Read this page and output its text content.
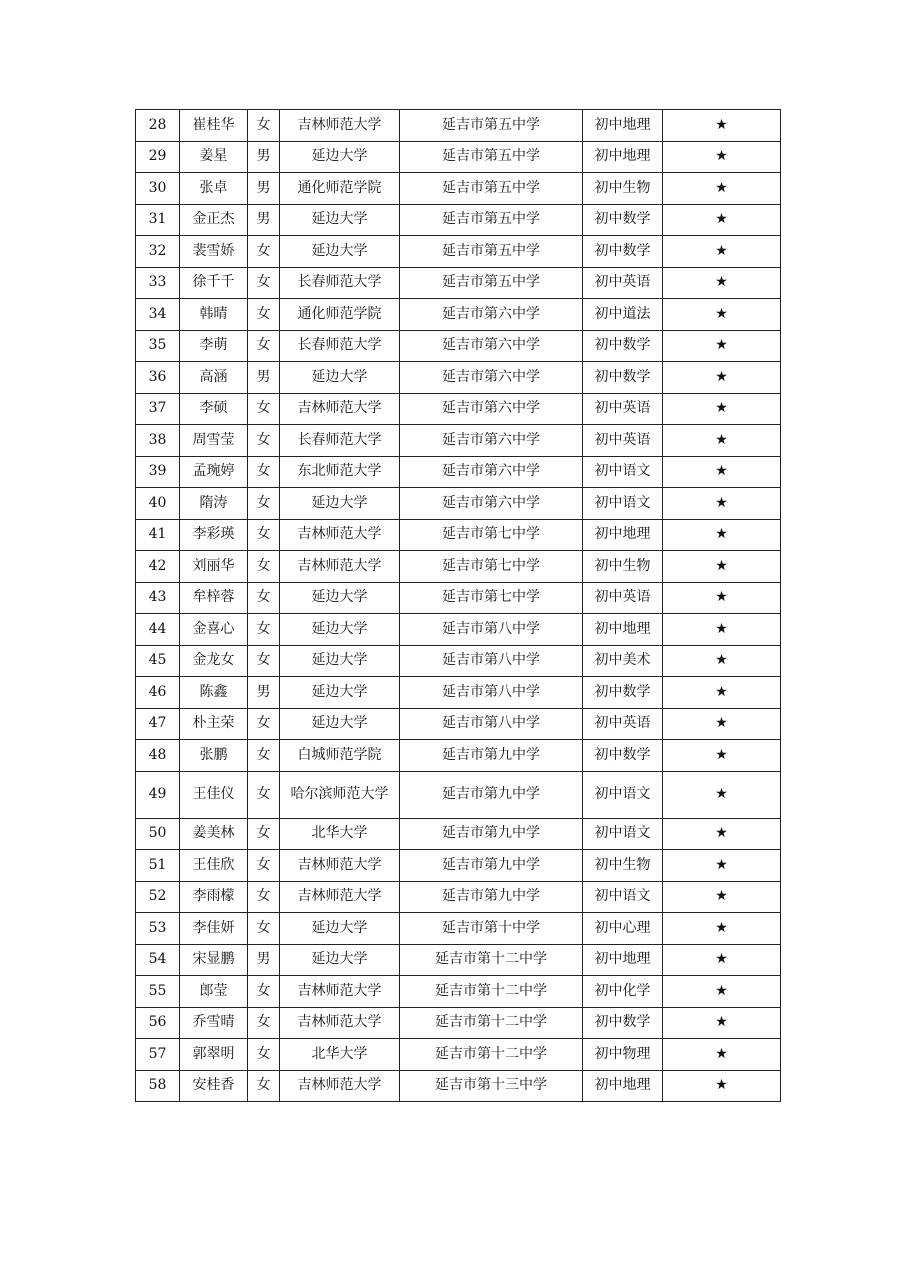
28	崔桂华	女	吉林师范大学	延吉市第五中学	初中地理	★
29	姜星	男	延边大学	延吉市第五中学	初中地理	★
30	张卓	男	通化师范学院	延吉市第五中学	初中生物	★
31	金正杰	男	延边大学	延吉市第五中学	初中数学	★
32	裴雪娇	女	延边大学	延吉市第五中学	初中数学	★
33	徐千千	女	长春师范大学	延吉市第五中学	初中英语	★
34	韩晴	女	通化师范学院	延吉市第六中学	初中道法	★
35	李萌	女	长春师范大学	延吉市第六中学	初中数学	★
36	高涵	男	延边大学	延吉市第六中学	初中数学	★
37	李硕	女	吉林师范大学	延吉市第六中学	初中英语	★
38	周雪莹	女	长春师范大学	延吉市第六中学	初中英语	★
39	孟琬婷	女	东北师范大学	延吉市第六中学	初中语文	★
40	隋涛	女	延边大学	延吉市第六中学	初中语文	★
41	李彩瑛	女	吉林师范大学	延吉市第七中学	初中地理	★
42	刘丽华	女	吉林师范大学	延吉市第七中学	初中生物	★
43	牟梓蓉	女	延边大学	延吉市第七中学	初中英语	★
44	金喜心	女	延边大学	延吉市第八中学	初中地理	★
45	金龙女	女	延边大学	延吉市第八中学	初中美术	★
46	陈鑫	男	延边大学	延吉市第八中学	初中数学	★
47	朴主荣	女	延边大学	延吉市第八中学	初中英语	★
48	张鹏	女	白城师范学院	延吉市第九中学	初中数学	★
49	王佳仪	女	哈尔滨师范大学	延吉市第九中学	初中语文	★
50	姜美林	女	北华大学	延吉市第九中学	初中语文	★
51	王佳欣	女	吉林师范大学	延吉市第九中学	初中生物	★
52	李雨檬	女	吉林师范大学	延吉市第九中学	初中语文	★
53	李佳妍	女	延边大学	延吉市第十中学	初中心理	★
54	宋显鹏	男	延边大学	延吉市第十二中学	初中地理	★
55	郎莹	女	吉林师范大学	延吉市第十二中学	初中化学	★
56	乔雪晴	女	吉林师范大学	延吉市第十二中学	初中数学	★
57	郭翠明	女	北华大学	延吉市第十二中学	初中物理	★
58	安桂香	女	吉林师范大学	延吉市第十三中学	初中地理	★
